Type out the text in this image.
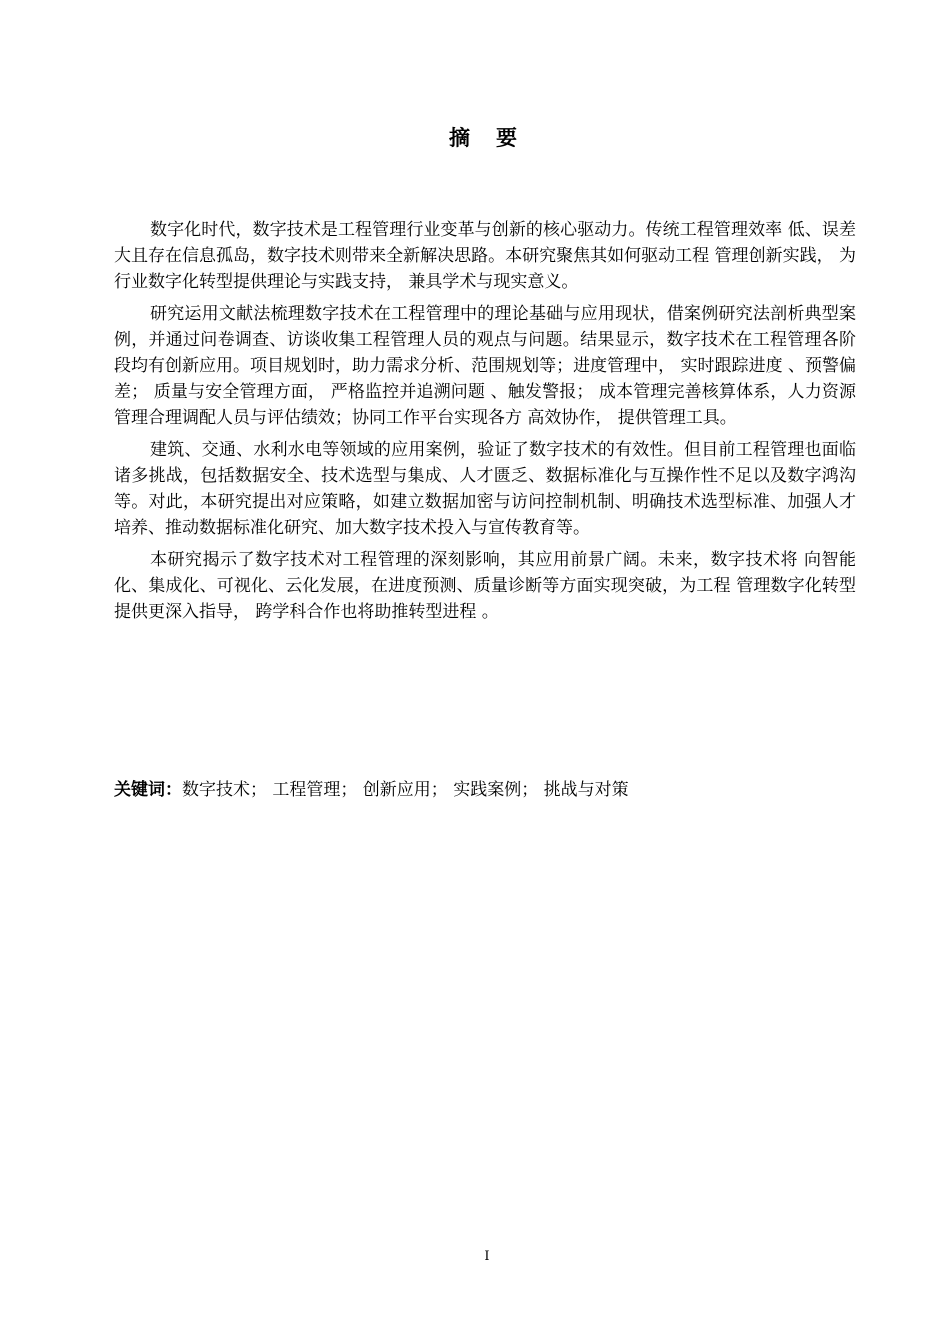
摘 要

数字化时代，数字技术是工程管理行业变革与创新的核心驱动力。传统工程管理效率 低、误差大且存在信息孤岛，数字技术则带来全新解决思路。本研究聚焦其如何驱动工程 管理创新实践， 为行业数字化转型提供理论与实践支持， 兼具学术与现实意义。

研究运用文献法梳理数字技术在工程管理中的理论基础与应用现状，借案例研究法剖析典型案例，并通过问卷调查、访谈收集工程管理人员的观点与问题。结果显示，数字技术在工程管理各阶段均有创新应用。项目规划时，助力需求分析、范围规划等；进度管理中， 实时跟踪进度 、预警偏差； 质量与安全管理方面， 严格监控并追溯问题 、触发警报； 成本管理完善核算体系，人力资源管理合理调配人员与评估绩效；协同工作平台实现各方 高效协作， 提供管理工具。

建筑、交通、水利水电等领域的应用案例，验证了数字技术的有效性。但目前工程管理也面临诸多挑战，包括数据安全、技术选型与集成、人才匮乏、数据标准化与互操作性不足以及数字鸿沟等。对此，本研究提出对应策略，如建立数据加密与访问控制机制、明确技术选型标准、加强人才培养、推动数据标准化研究、加大数字技术投入与宣传教育等。

本研究揭示了数字技术对工程管理的深刻影响，其应用前景广阔。未来，数字技术将 向智能化、集成化、可视化、云化发展，在进度预测、质量诊断等方面实现突破，为工程 管理数字化转型提供更深入指导， 跨学科合作也将助推转型进程 。

关键词：数字技术； 工程管理； 创新应用； 实践案例； 挑战与对策
I
